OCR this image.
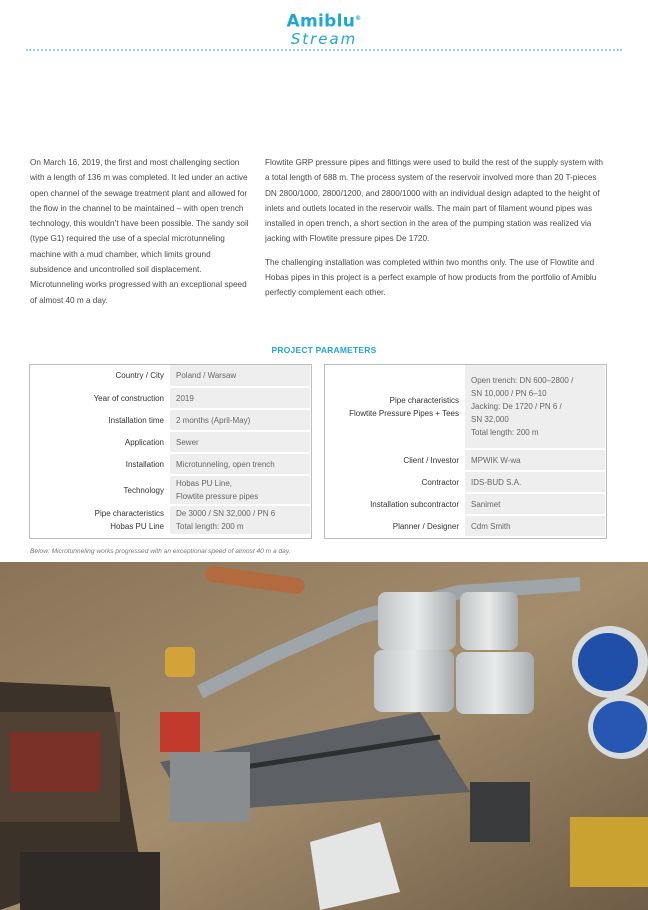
Amiblu®
Stream

On March 16, 2019, the first and most challenging section with a length of 136 m was completed. It led under an active open channel of the sewage treatment plant and allowed for the flow in the channel to be maintained – with open trench technology, this wouldn’t have been possible. The sandy soil (type G1) required the use of a special microtunneling machine with a mud chamber, which limits ground subsidence and uncontrolled soil displacement. Microtunneling works progressed with an exceptional speed of almost 40 m a day.

Flowtite GRP pressure pipes and fittings were used to build the rest of the supply system with a total length of 688 m. The process system of the reservoir involved more than 20 T-pieces DN 2800/1000, 2800/1200, and 2800/1000 with an individual design adapted to the height of inlets and outlets located in the reservoir walls. The main part of filament wound pipes was installed in open trench, a short section in the area of the pumping station was realized via jacking with Flowtite pressure pipes De 1720.

The challenging installation was completed within two months only. The use of Flowtite and Hobas pipes in this project is a perfect example of how products from the portfolio of Amiblu perfectly complement each other.

PROJECT PARAMETERS
Country / City	Poland / Warsaw
Year of construction	2019
Installation time	2 months (April-May)
Application	Sewer
Installation	Microtunneling, open trench
Technology	Hobas PU Line,
Flowtite pressure pipes
Pipe characteristics
Hobas PU Line	De 3000 / SN 32,000 / PN 6
Total length: 200 m
Pipe characteristics
Flowtite Pressure Pipes + Tees	Open trench: DN 600–2800 /
SN 10,000 / PN 6–10
Jacking: De 1720 / PN 6 /
SN 32,000
Total length: 200 m
Client / Investor	MPWIK W-wa
Contractor	IDS-BUD S.A.
Installation subcontractor	Sanimet
Planner / Designer	Cdm Smith
Below: Microtunneling works progressed with an exceptional speed of almost 40 m a day.
